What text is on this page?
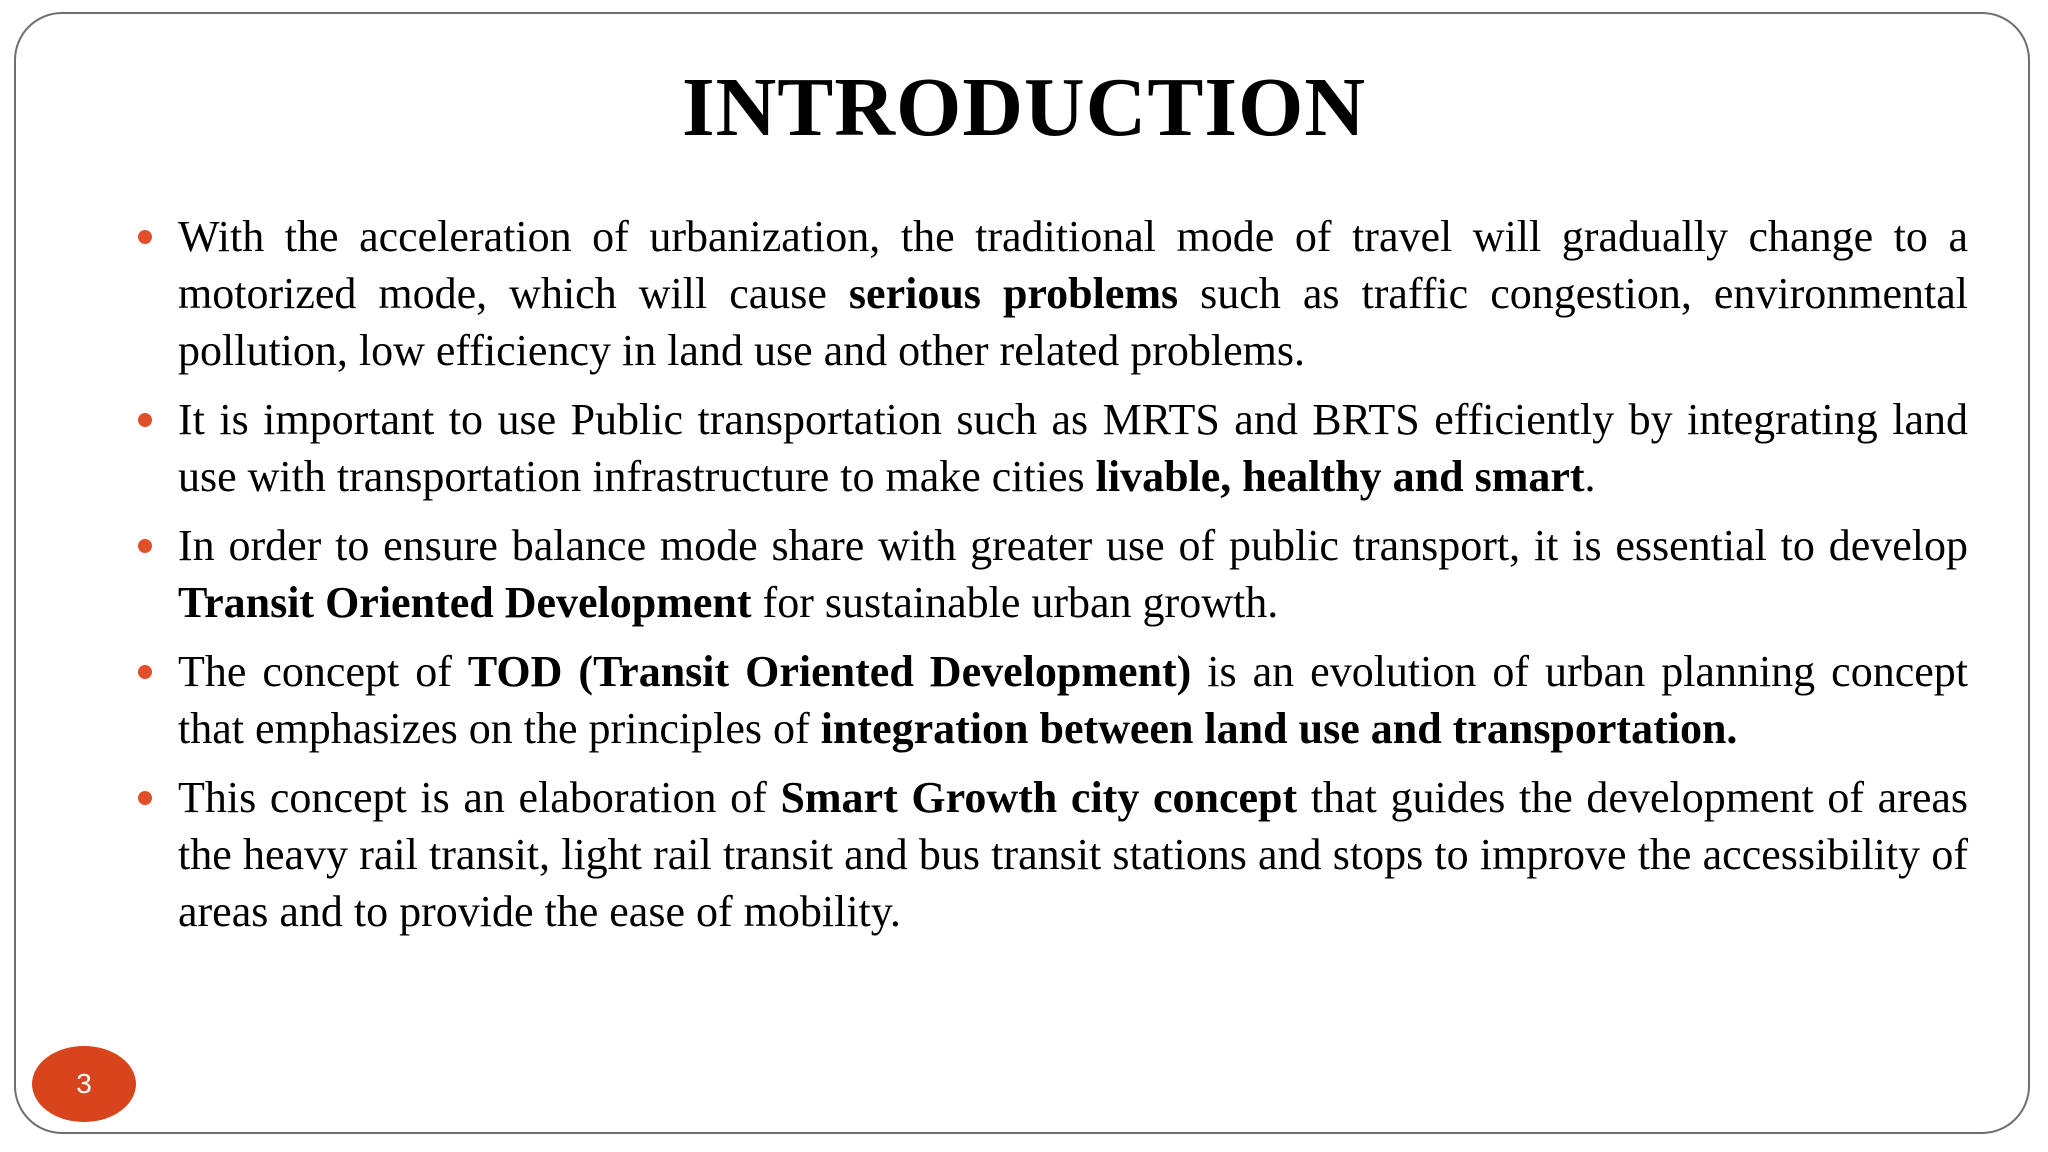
INTRODUCTION
With the acceleration of urbanization, the traditional mode of travel will gradually change to a motorized mode, which will cause serious problems such as traffic congestion, environmental pollution, low efficiency in land use and other related problems.
It is important to use Public transportation such as MRTS and BRTS efficiently by integrating land use with transportation infrastructure to make cities livable, healthy and smart.
In order to ensure balance mode share with greater use of public transport, it is essential to develop Transit Oriented Development for sustainable urban growth.
The concept of TOD (Transit Oriented Development) is an evolution of urban planning concept that emphasizes on the principles of integration between land use and transportation.
This concept is an elaboration of Smart Growth city concept that guides the development of areas the heavy rail transit, light rail transit and bus transit stations and stops to improve the accessibility of areas and to provide the ease of mobility.
3
